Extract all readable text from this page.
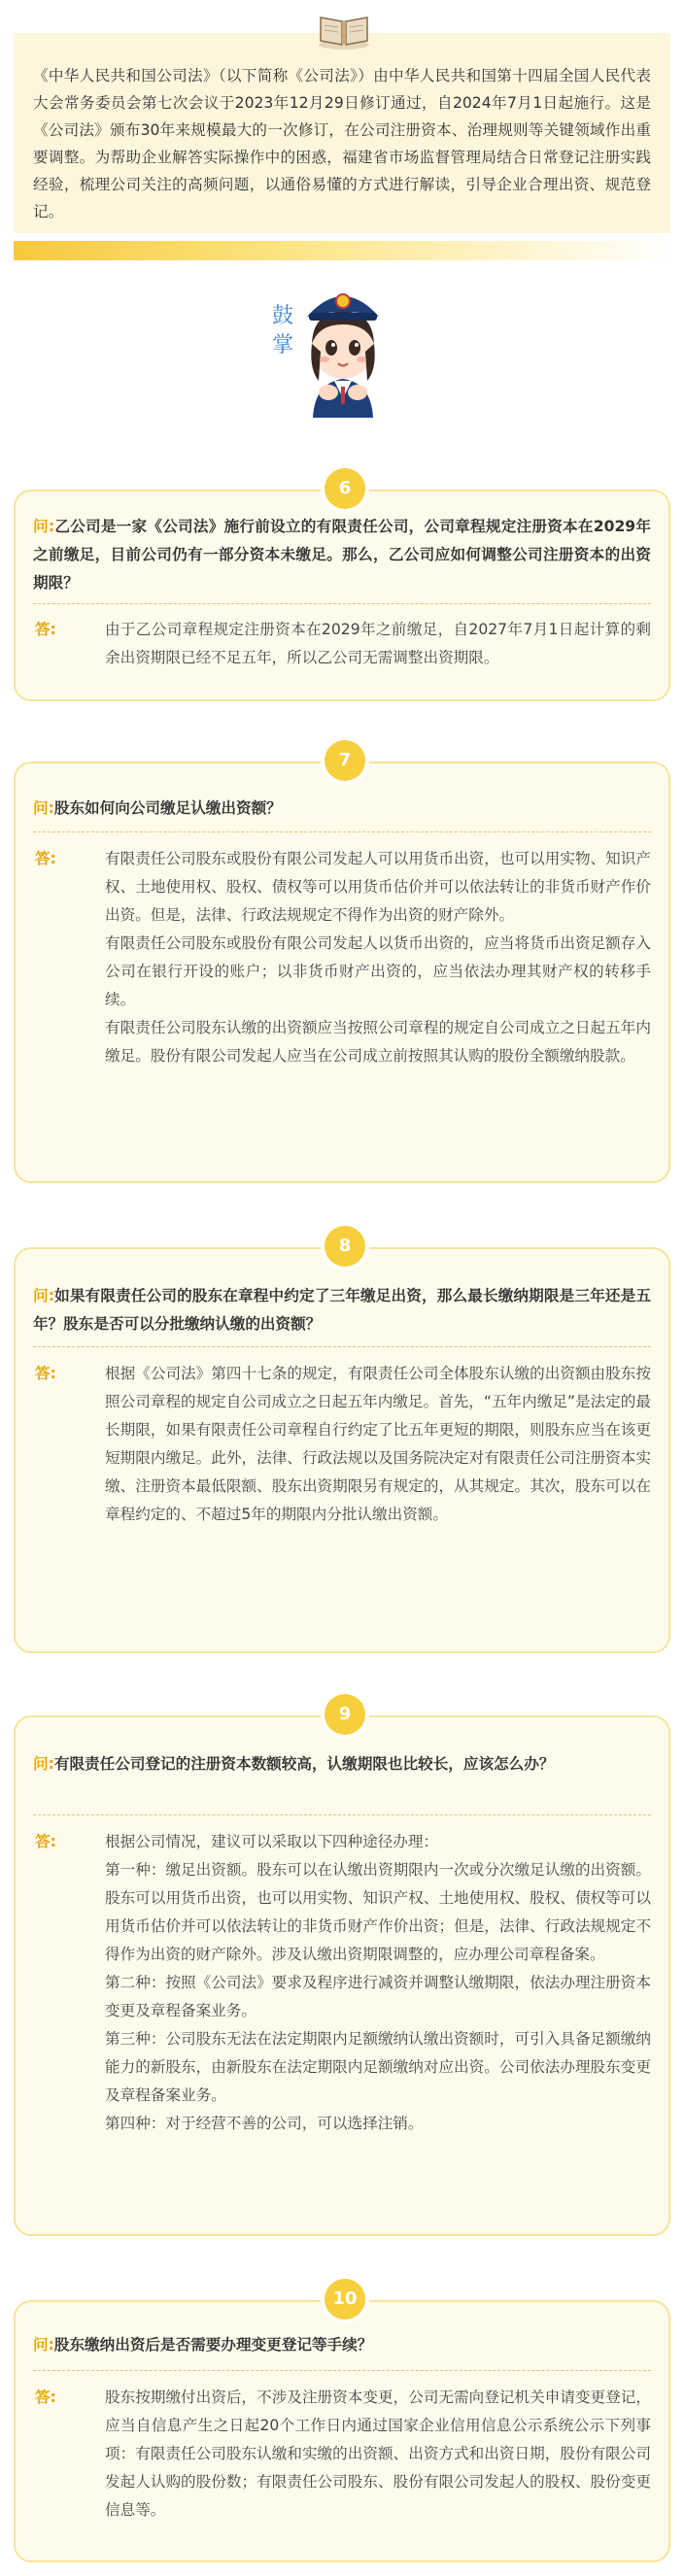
《中华人民共和国公司法》（以下简称《公司法》）由中华人民共和国第十四届全国人民代表大会常务委员会第七次会议于2023年12月29日修订通过，自2024年7月1日起施行。这是《公司法》颁布30年来规模最大的一次修订，在公司注册资本、治理规则等关键领域作出重要调整。为帮助企业解答实际操作中的困惑，福建省市场监督管理局结合日常登记注册实践经验，梳理公司关注的高频问题，以通俗易懂的方式进行解读，引导企业合理出资、规范登记。

鼓
掌
6

问:乙公司是一家《公司法》施行前设立的有限责任公司，公司章程规定注册资本在2029年之前缴足，目前公司仍有一部分资本未缴足。那么，乙公司应如何调整公司注册资本的出资期限？

答:	由于乙公司章程规定注册资本在2029年之前缴足，自2027年7月1日起计算的剩余出资期限已经不足五年，所以乙公司无需调整出资期限。

7

问:股东如何向公司缴足认缴出资额？

答:	有限责任公司股东或股份有限公司发起人可以用货币出资，也可以用实物、知识产权、土地使用权、股权、债权等可以用货币估价并可以依法转让的非货币财产作价出资。但是，法律、行政法规规定不得作为出资的财产除外。

有限责任公司股东或股份有限公司发起人以货币出资的，应当将货币出资足额存入公司在银行开设的账户；以非货币财产出资的，应当依法办理其财产权的转移手续。

有限责任公司股东认缴的出资额应当按照公司章程的规定自公司成立之日起五年内缴足。股份有限公司发起人应当在公司成立前按照其认购的股份全额缴纳股款。

8

问:如果有限责任公司的股东在章程中约定了三年缴足出资，那么最长缴纳期限是三年还是五年？股东是否可以分批缴纳认缴的出资额？

答:	根据《公司法》第四十七条的规定，有限责任公司全体股东认缴的出资额由股东按照公司章程的规定自公司成立之日起五年内缴足。首先，“五年内缴足”是法定的最长期限，如果有限责任公司章程自行约定了比五年更短的期限，则股东应当在该更短期限内缴足。此外，法律、行政法规以及国务院决定对有限责任公司注册资本实缴、注册资本最低限额、股东出资期限另有规定的，从其规定。其次，股东可以在章程约定的、不超过5年的期限内分批认缴出资额。

9

问:有限责任公司登记的注册资本数额较高，认缴期限也比较长，应该怎么办？

答:	根据公司情况，建议可以采取以下四种途径办理：

第一种：缴足出资额。股东可以在认缴出资期限内一次或分次缴足认缴的出资额。股东可以用货币出资，也可以用实物、知识产权、土地使用权、股权、债权等可以用货币估价并可以依法转让的非货币财产作价出资；但是，法律、行政法规规定不得作为出资的财产除外。涉及认缴出资期限调整的，应办理公司章程备案。

第二种：按照《公司法》要求及程序进行减资并调整认缴期限，依法办理注册资本变更及章程备案业务。

第三种：公司股东无法在法定期限内足额缴纳认缴出资额时，可引入具备足额缴纳能力的新股东，由新股东在法定期限内足额缴纳对应出资。公司依法办理股东变更及章程备案业务。

第四种：对于经营不善的公司，可以选择注销。

10

问:股东缴纳出资后是否需要办理变更登记等手续？

答:	股东按期缴付出资后，不涉及注册资本变更，公司无需向登记机关申请变更登记，应当自信息产生之日起20个工作日内通过国家企业信用信息公示系统公示下列事项：有限责任公司股东认缴和实缴的出资额、出资方式和出资日期，股份有限公司发起人认购的股份数；有限责任公司股东、股份有限公司发起人的股权、股份变更信息等。
